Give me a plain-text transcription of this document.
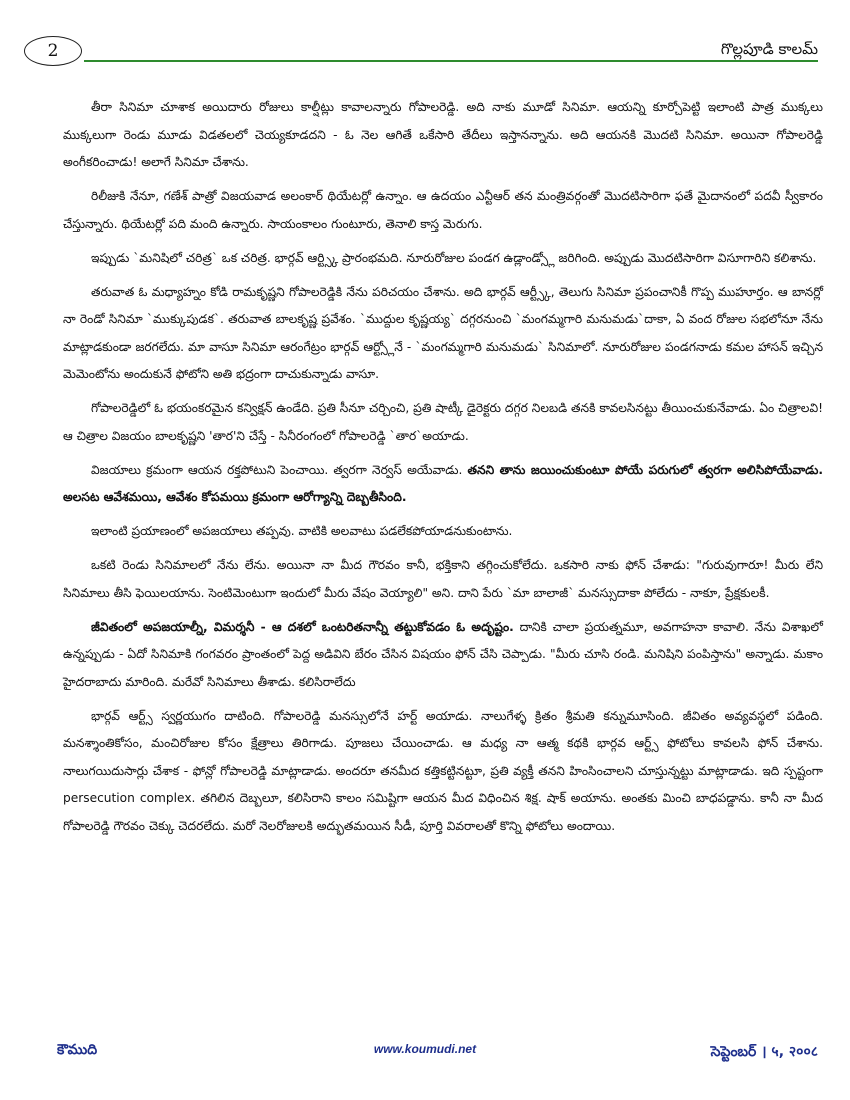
2	గొల్లపూడి కాలమ్

తీరా సినిమా చూశాక అయిదారు రోజులు కాల్షీట్లు కావాలన్నారు గోపాలరెడ్డి. అది నాకు మూడో సినిమా. ఆయన్ని కూర్చోపెట్టి ఇలాంటి పాత్ర ముక్కలు ముక్కలుగా రెండు మూడు విడతలలో చెయ్యకూడదని - ఓ నెల ఆగితే ఒకేసారి తేదీలు ఇస్తానన్నాను. అది ఆయనకి మొదటి సినిమా. అయినా గోపాలరెడ్డి అంగీకరించాడు! అలాగే సినిమా చేశాను.

రిలీజుకి నేనూ, గణేశ్ పాత్రో విజయవాడ అలంకార్ థియేటర్లో ఉన్నాం. ఆ ఉదయం ఎన్టీఆర్ తన మంత్రివర్గంతో మొదటిసారిగా ఫతే మైదానంలో పదవీ స్వీకారం చేస్తున్నారు. థియేటర్లో పది మంది ఉన్నారు. సాయంకాలం గుంటూరు, తెనాలి కాస్త మెరుగు.

ఇప్పుడు `మనిషిలో చరిత్ర` ఒక చరిత్ర. భార్గవ్ ఆర్ట్స్కి ప్రారంభమది. నూరురోజుల పండగ ఉడ్లాండ్స్లో జరిగింది. అప్పుడు మొదటిసారిగా విసూగారిని కలిశాను.

తరువాత ఓ మధ్యాహ్నం కోడి రామకృష్ణని గోపాలరెడ్డికి నేను పరిచయం చేశాను. అది భార్గవ్ ఆర్ట్స్కీ, తెలుగు సినిమా ప్రపంచానికీ గొప్ప ముహూర్తం. ఆ బానర్లో నా రెండో సినిమా `ముక్కుపుడక`. తరువాత బాలకృష్ణ ప్రవేశం. `ముద్దుల కృష్ణయ్య` దగ్గరనుంచి `మంగమ్మగారి మనుమడు`దాకా, ఏ వంద రోజుల సభలోనూ నేను మాట్లాడకుండా జరగలేదు. మా వాసూ సినిమా ఆరంగేట్రం భార్గవ్ ఆర్ట్స్లోనే - `మంగమ్మగారి మనుమడు` సినిమాలో. నూరురోజుల పండగనాడు కమల హాసన్ ఇచ్చిన మెమెంటోను అందుకునే ఫోటోని అతి భద్రంగా దాచుకున్నాడు వాసూ.

గోపాలరెడ్డిలో ఓ భయంకరమైన కన్విక్షన్ ఉండేది. ప్రతి సీనూ చర్చించి, ప్రతి షాట్కీ డైరెక్టరు దగ్గర నిలబడి తనకి కావలసినట్టు తీయించుకునేవాడు. ఏం చిత్రాలవి! ఆ చిత్రాల విజయం బాలకృష్ణని 'తార'ని చేస్తే - సినీరంగంలో గోపాలరెడ్డి `తార`అయాడు.

విజయాలు క్రమంగా ఆయన రక్తపోటుని పెంచాయి. త్వరగా నెర్వస్ అయేవాడు. తనని తాను జయించుకుంటూ పోయే పరుగులో త్వరగా అలిసిపోయేవాడు. అలసట ఆవేశమయి, ఆవేశం కోపమయి క్రమంగా ఆరోగ్యాన్ని దెబ్బతీసింది.

ఇలాంటి ప్రయాణంలో అపజయాలు తప్పవు. వాటికి అలవాటు పడలేకపోయాడనుకుంటాను.

ఒకటి రెండు సినిమాలలో నేను లేను. అయినా నా మీద గౌరవం కానీ, భక్తికాని తగ్గించుకోలేదు. ఒకసారి నాకు ఫోన్ చేశాడు: "గురువుగారూ! మీరు లేని సినిమాలు తీసి ఫెయిలయాను. సెంటిమెంటుగా ఇందులో మీరు వేషం వెయ్యాలి" అని. దాని పేరు `మా బాలాజీ` మనస్సుదాకా పోలేదు - నాకూ, ప్రేక్షకులకీ.

జీవితంలో అపజయాల్నీ, విమర్శనీ - ఆ దశలో ఒంటరితనాన్నీ తట్టుకోవడం ఓ అదృష్టం. దానికి చాలా ప్రయత్నమూ, అవగాహనా కావాలి. నేను విశాఖలో ఉన్నప్పుడు - ఏదో సినిమాకి గంగవరం ప్రాంతంలో పెద్ద అడివిని బేరం చేసిన విషయం ఫోన్ చేసి చెప్పాడు. "మీరు చూసి రండి. మనిషిని పంపిస్తాను" అన్నాడు. మకాం హైదరాబాదు మారింది. మరేవో సినిమాలు తీశాడు. కలిసిరాలేదు

భార్గవ్ ఆర్ట్స్ స్వర్ణయుగం దాటింది. గోపాలరెడ్డి మనస్సులోనే హర్ట్ అయాడు. నాలుగేళ్ళ క్రితం శ్రీమతి కన్నుమూసింది. జీవితం అవ్యవస్థలో పడింది. మనశ్శాంతికోసం, మంచిరోజుల కోసం క్షేత్రాలు తిరిగాడు. పూజలు చేయించాడు. ఆ మధ్య నా ఆత్మ కథకి భార్గవ ఆర్ట్స్ ఫోటోలు కావలసి ఫోన్ చేశాను. నాలుగయిదుసార్లు చేశాక - ఫోన్లో గోపాలరెడ్డి మాట్లాడాడు. అందరూ తనమీద కత్తికట్టినట్టూ, ప్రతి వ్యక్తీ తనని హింసించాలని చూస్తున్నట్టు మాట్లాడాడు. ఇది స్పష్టంగా persecution complex. తగిలిన దెబ్బలూ, కలిసిరాని కాలం సమిష్టిగా ఆయన మీద విధించిన శిక్ష. షాక్ అయాను. అంతకు మించి బాధపడ్డాను. కానీ నా మీద గోపాలరెడ్డి గౌరవం చెక్కు చెదరలేదు. మరో నెలరోజులకి అద్భుతమయిన సీడీ, పూర్తి వివరాలతో కొన్ని ఫోటోలు అందాయి.

కౌముది	www.koumudi.net	సెప్టెంబర్ । ५, २००८
